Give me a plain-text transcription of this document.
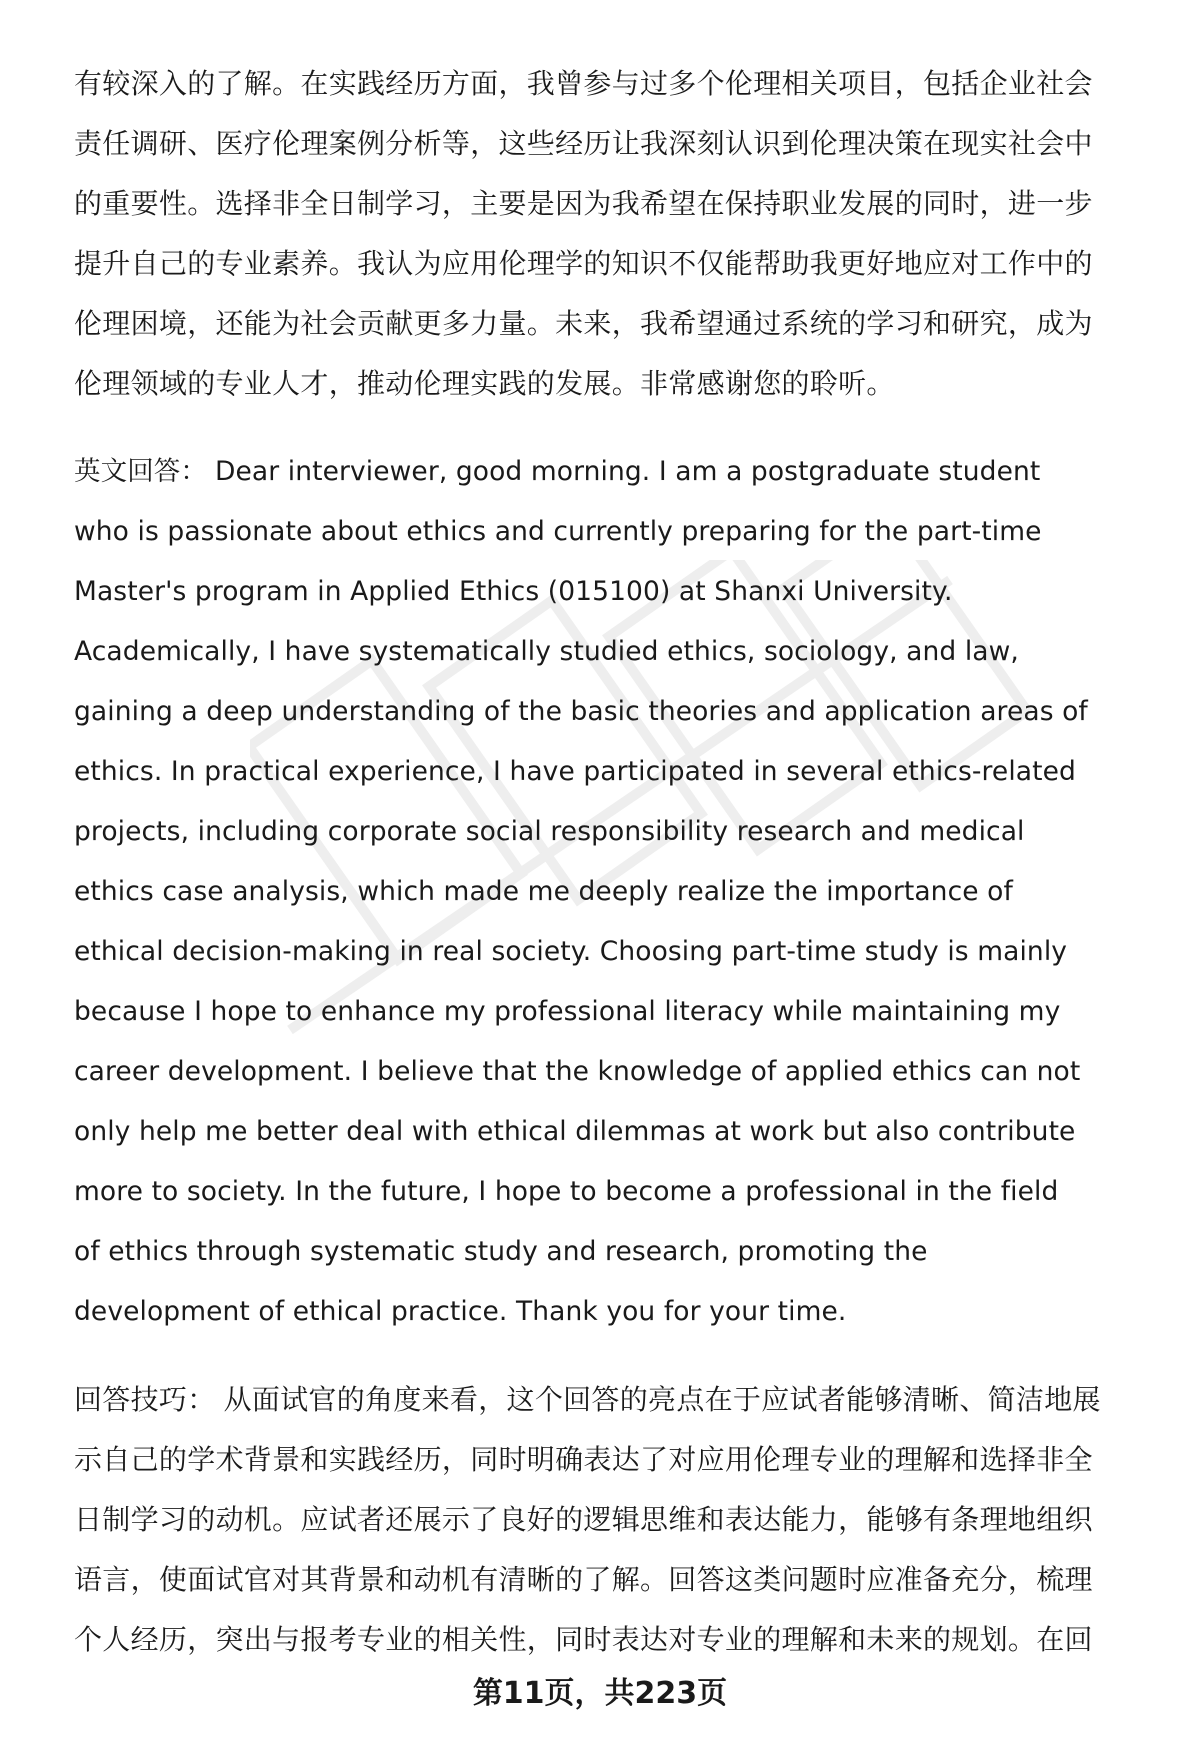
有较深入的了解。在实践经历方面，我曾参与过多个伦理相关项目，包括企业社会
责任调研、医疗伦理案例分析等，这些经历让我深刻认识到伦理决策在现实社会中
的重要性。选择非全日制学习，主要是因为我希望在保持职业发展的同时，进一步
提升自己的专业素养。我认为应用伦理学的知识不仅能帮助我更好地应对工作中的
伦理困境，还能为社会贡献更多力量。未来，我希望通过系统的学习和研究，成为
伦理领域的专业人才，推动伦理实践的发展。非常感谢您的聆听。
英文回答： Dear interviewer, good morning. I am a postgraduate student
who is passionate about ethics and currently preparing for the part-time
Master's program in Applied Ethics (015100) at Shanxi University.
Academically, I have systematically studied ethics, sociology, and law,
gaining a deep understanding of the basic theories and application areas of
ethics. In practical experience, I have participated in several ethics-related
projects, including corporate social responsibility research and medical
ethics case analysis, which made me deeply realize the importance of
ethical decision-making in real society. Choosing part-time study is mainly
because I hope to enhance my professional literacy while maintaining my
career development. I believe that the knowledge of applied ethics can not
only help me better deal with ethical dilemmas at work but also contribute
more to society. In the future, I hope to become a professional in the field
of ethics through systematic study and research, promoting the
development of ethical practice. Thank you for your time.
回答技巧： 从面试官的角度来看，这个回答的亮点在于应试者能够清晰、简洁地展
示自己的学术背景和实践经历，同时明确表达了对应用伦理专业的理解和选择非全
日制学习的动机。应试者还展示了良好的逻辑思维和表达能力，能够有条理地组织
语言，使面试官对其背景和动机有清晰的了解。回答这类问题时应准备充分，梳理
个人经历，突出与报考专业的相关性，同时表达对专业的理解和未来的规划。在回
第11页，共223页
